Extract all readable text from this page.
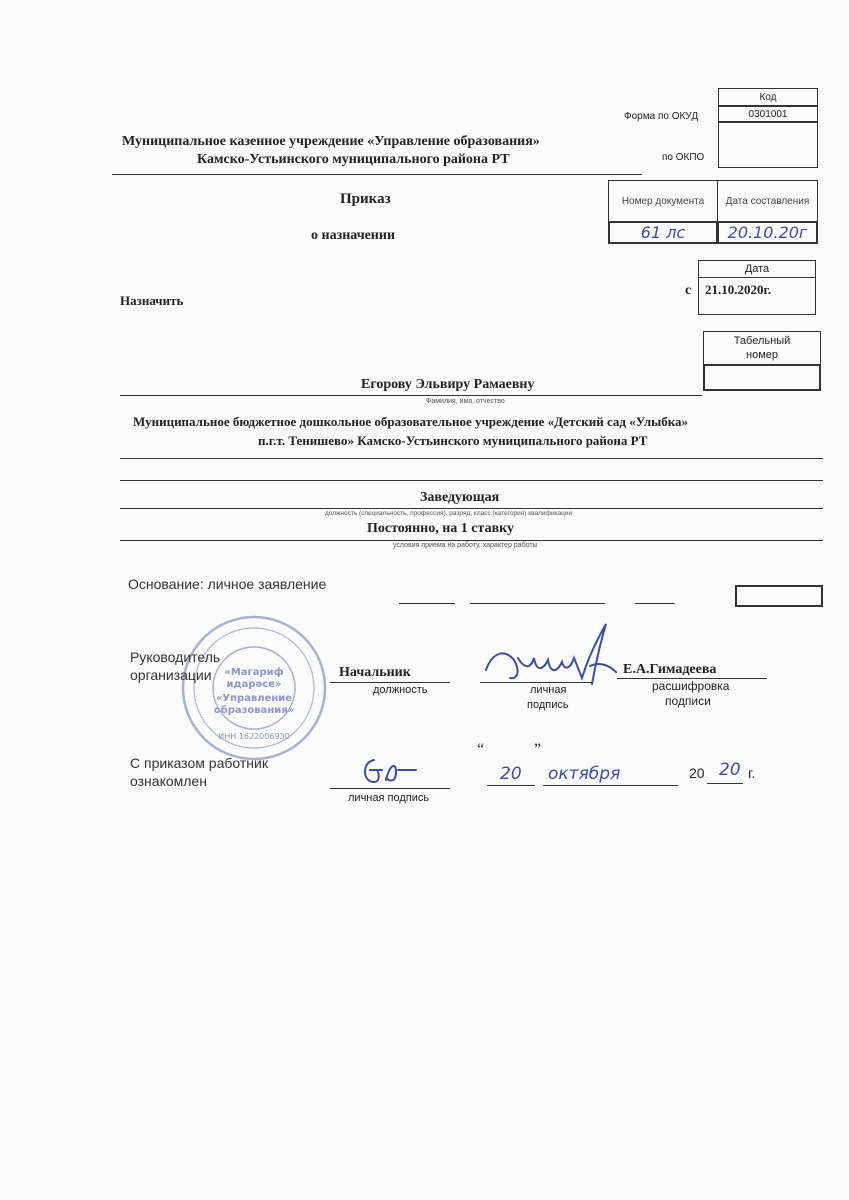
Код
Форма по ОКУД	0301001
по ОКПО
Муниципальное казенное учреждение «Управление образования»
Камско-Устьинского муниципального района РТ
Приказ
о назначении
Номер документа	Дата составления
61 лс	20.10.20г
Назначить
с
Дата
21.10.2020г.
Табельный номер
Егорову Эльвиру Рамаевну
Фамилия, имя, отчество
Муниципальное бюджетное дошкольное образовательное учреждение «Детский сад «Улыбка»
п.г.т. Тенишево» Камско-Устьинского муниципального района РТ
Заведующая
должность (специальность, профессия), разряд, класс (категория) квалификации
Постоянно, на 1 ставку
условия приема на работу, характер работы
Основание: личное заявление
«Магариф
идарәсе»
«Управление
образования»
ИНН 1622006930
Руководитель
организации	Начальник
должность	личная
подпись
Е.А.Гимадеева
расшифровка
подписи
С приказом работник
ознакомлен
личная подпись
“
20
”
октября	20 20 г.
